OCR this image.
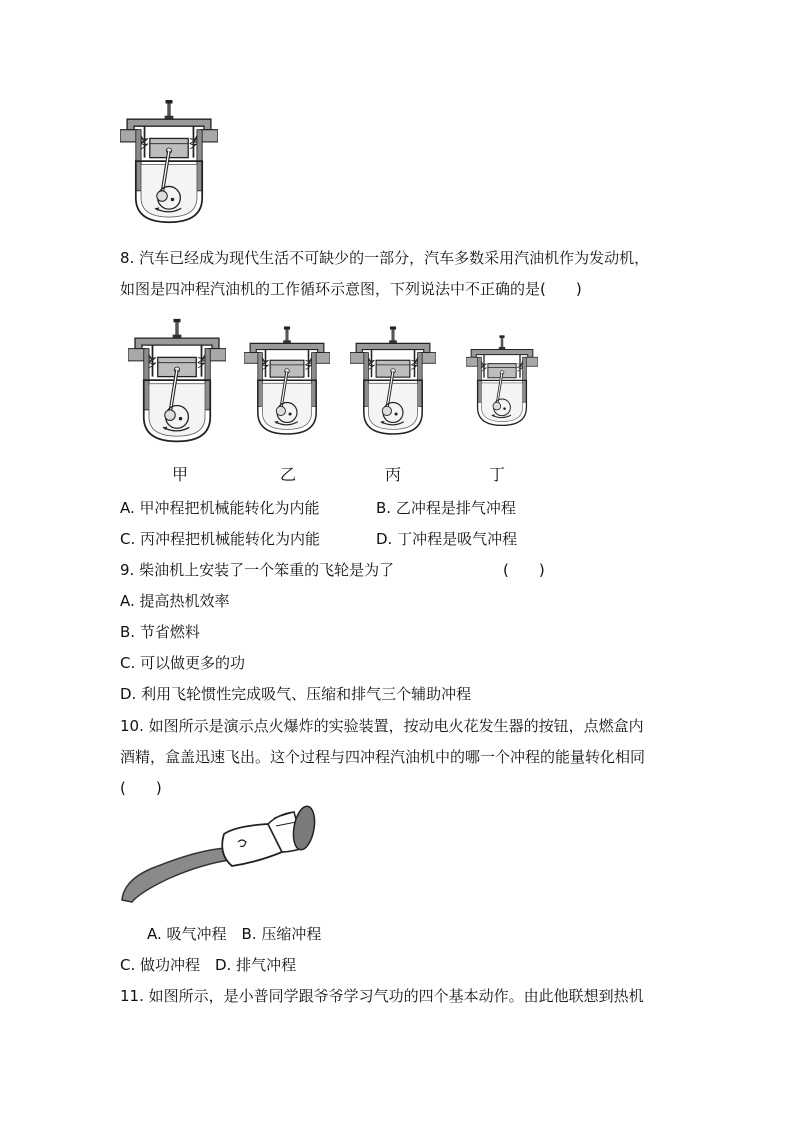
8. 汽车已经成为现代生活不可缺少的一部分，汽车多数采用汽油机作为发动机，
如图是四冲程汽油机的工作循环示意图，下列说法中不正确的是(　　)
甲	乙	丙	丁
A. 甲冲程把机械能转化为内能	B. 乙冲程是排气冲程
C. 丙冲程把机械能转化为内能	D. 丁冲程是吸气冲程
9. 柴油机上安装了一个笨重的飞轮是为了	(　　)
A. 提高热机效率
B. 节省燃料
C. 可以做更多的功
D. 利用飞轮惯性完成吸气、压缩和排气三个辅助冲程
10. 如图所示是演示点火爆炸的实验装置，按动电火花发生器的按钮，点燃盒内
酒精，盒盖迅速飞出。这个过程与四冲程汽油机中的哪一个冲程的能量转化相同
(　　)
A. 吸气冲程　B. 压缩冲程
C. 做功冲程　D. 排气冲程
11. 如图所示，是小普同学跟爷爷学习气功的四个基本动作。由此他联想到热机
